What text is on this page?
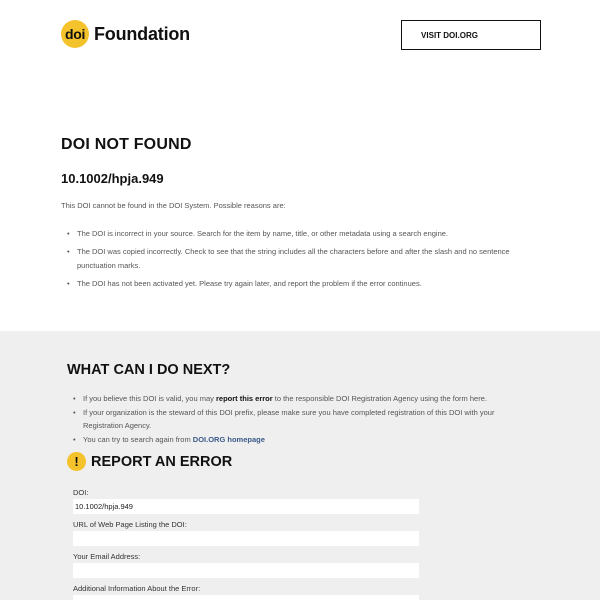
doi Foundation	VISIT DOI.ORG
DOI NOT FOUND
10.1002/hpja.949
This DOI cannot be found in the DOI System. Possible reasons are:
• The DOI is incorrect in your source. Search for the item by name, title, or other metadata using a search engine.
• The DOI was copied incorrectly. Check to see that the string includes all the characters before and after the slash and no sentence punctuation marks.
• The DOI has not been activated yet. Please try again later, and report the problem if the error continues.
WHAT CAN I DO NEXT?
• If you believe this DOI is valid, you may report this error to the responsible DOI Registration Agency using the form here.
• If your organization is the steward of this DOI prefix, please make sure you have completed registration of this DOI with your Registration Agency.
• You can try to search again from DOI.ORG homepage
! REPORT AN ERROR
DOI:
10.1002/hpja.949
URL of Web Page Listing the DOI:
Your Email Address:
Additional Information About the Error:
